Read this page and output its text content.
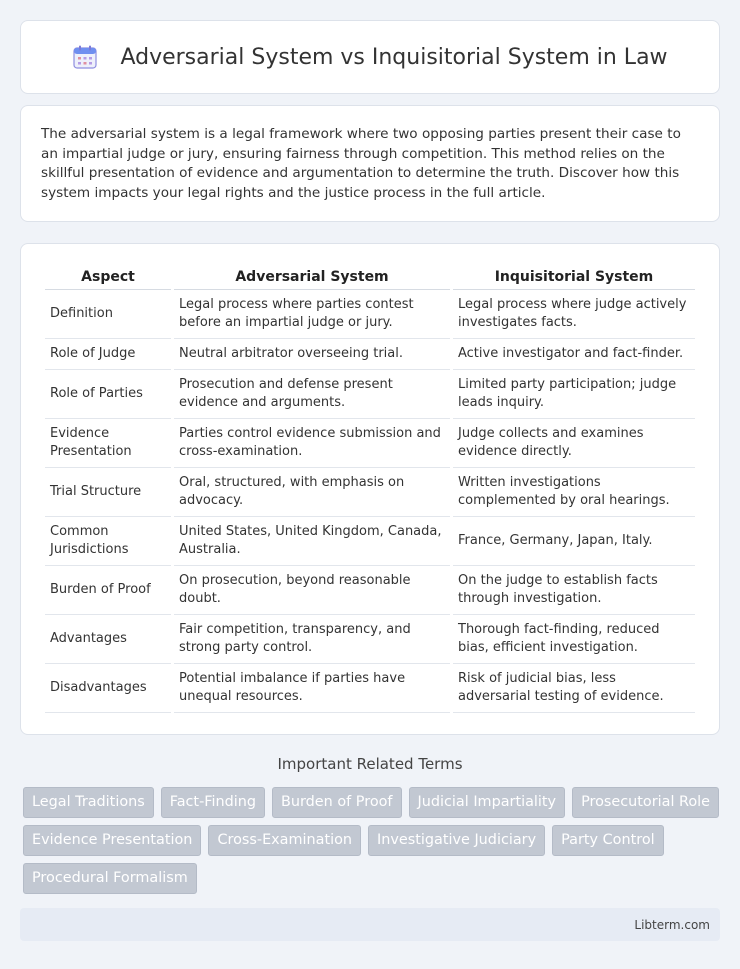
Adversarial System vs Inquisitorial System in Law

The adversarial system is a legal framework where two opposing parties present their case to an impartial judge or jury, ensuring fairness through competition. This method relies on the skillful presentation of evidence and argumentation to determine the truth. Discover how this system impacts your legal rights and the justice process in the full article.

Aspect	Adversarial System	Inquisitorial System
Definition	Legal process where parties contest before an impartial judge or jury.	Legal process where judge actively investigates facts.
Role of Judge	Neutral arbitrator overseeing trial.	Active investigator and fact-finder.
Role of Parties	Prosecution and defense present evidence and arguments.	Limited party participation; judge leads inquiry.
Evidence Presentation	Parties control evidence submission and cross-examination.	Judge collects and examines evidence directly.
Trial Structure	Oral, structured, with emphasis on advocacy.	Written investigations complemented by oral hearings.
Common Jurisdictions	United States, United Kingdom, Canada, Australia.	France, Germany, Japan, Italy.
Burden of Proof	On prosecution, beyond reasonable doubt.	On the judge to establish facts through investigation.
Advantages	Fair competition, transparency, and strong party control.	Thorough fact-finding, reduced bias, efficient investigation.
Disadvantages	Potential imbalance if parties have unequal resources.	Risk of judicial bias, less adversarial testing of evidence.
Important Related Terms
Legal Traditions	Fact-Finding	Burden of Proof	Judicial Impartiality	Prosecutorial Role
Evidence Presentation	Cross-Examination	Investigative Judiciary	Party Control
Procedural Formalism
Libterm.com
